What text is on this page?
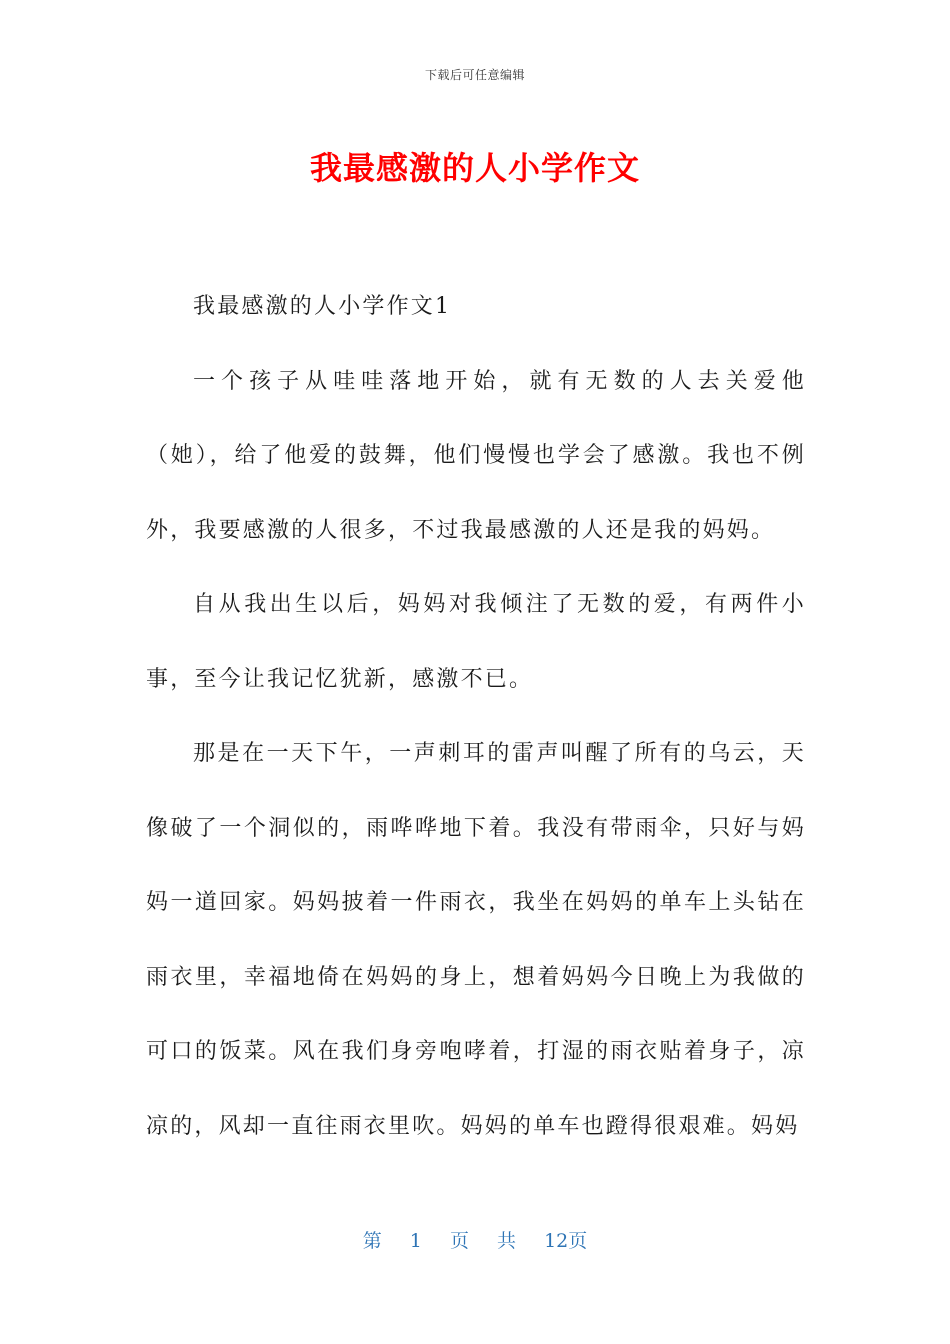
下载后可任意编辑
我最感激的人小学作文

我最感激的人小学作文1

一个孩子从哇哇落地开始，就有无数的人去关爱他（她），给了他爱的鼓舞，他们慢慢也学会了感激。我也不例外，我要感激的人很多，不过我最感激的人还是我的妈妈。

自从我出生以后，妈妈对我倾注了无数的爱，有两件小事，至今让我记忆犹新，感激不已。

那是在一天下午，一声刺耳的雷声叫醒了所有的乌云，天像破了一个洞似的，雨哗哗地下着。我没有带雨伞，只好与妈妈一道回家。妈妈披着一件雨衣，我坐在妈妈的单车上头钻在雨衣里，幸福地倚在妈妈的身上，想着妈妈今日晚上为我做的可口的饭菜。风在我们身旁咆哮着，打湿的雨衣贴着身子，凉凉的，风却一直往雨衣里吹。妈妈的单车也蹬得很艰难。妈妈

第 1 页 共 12页
